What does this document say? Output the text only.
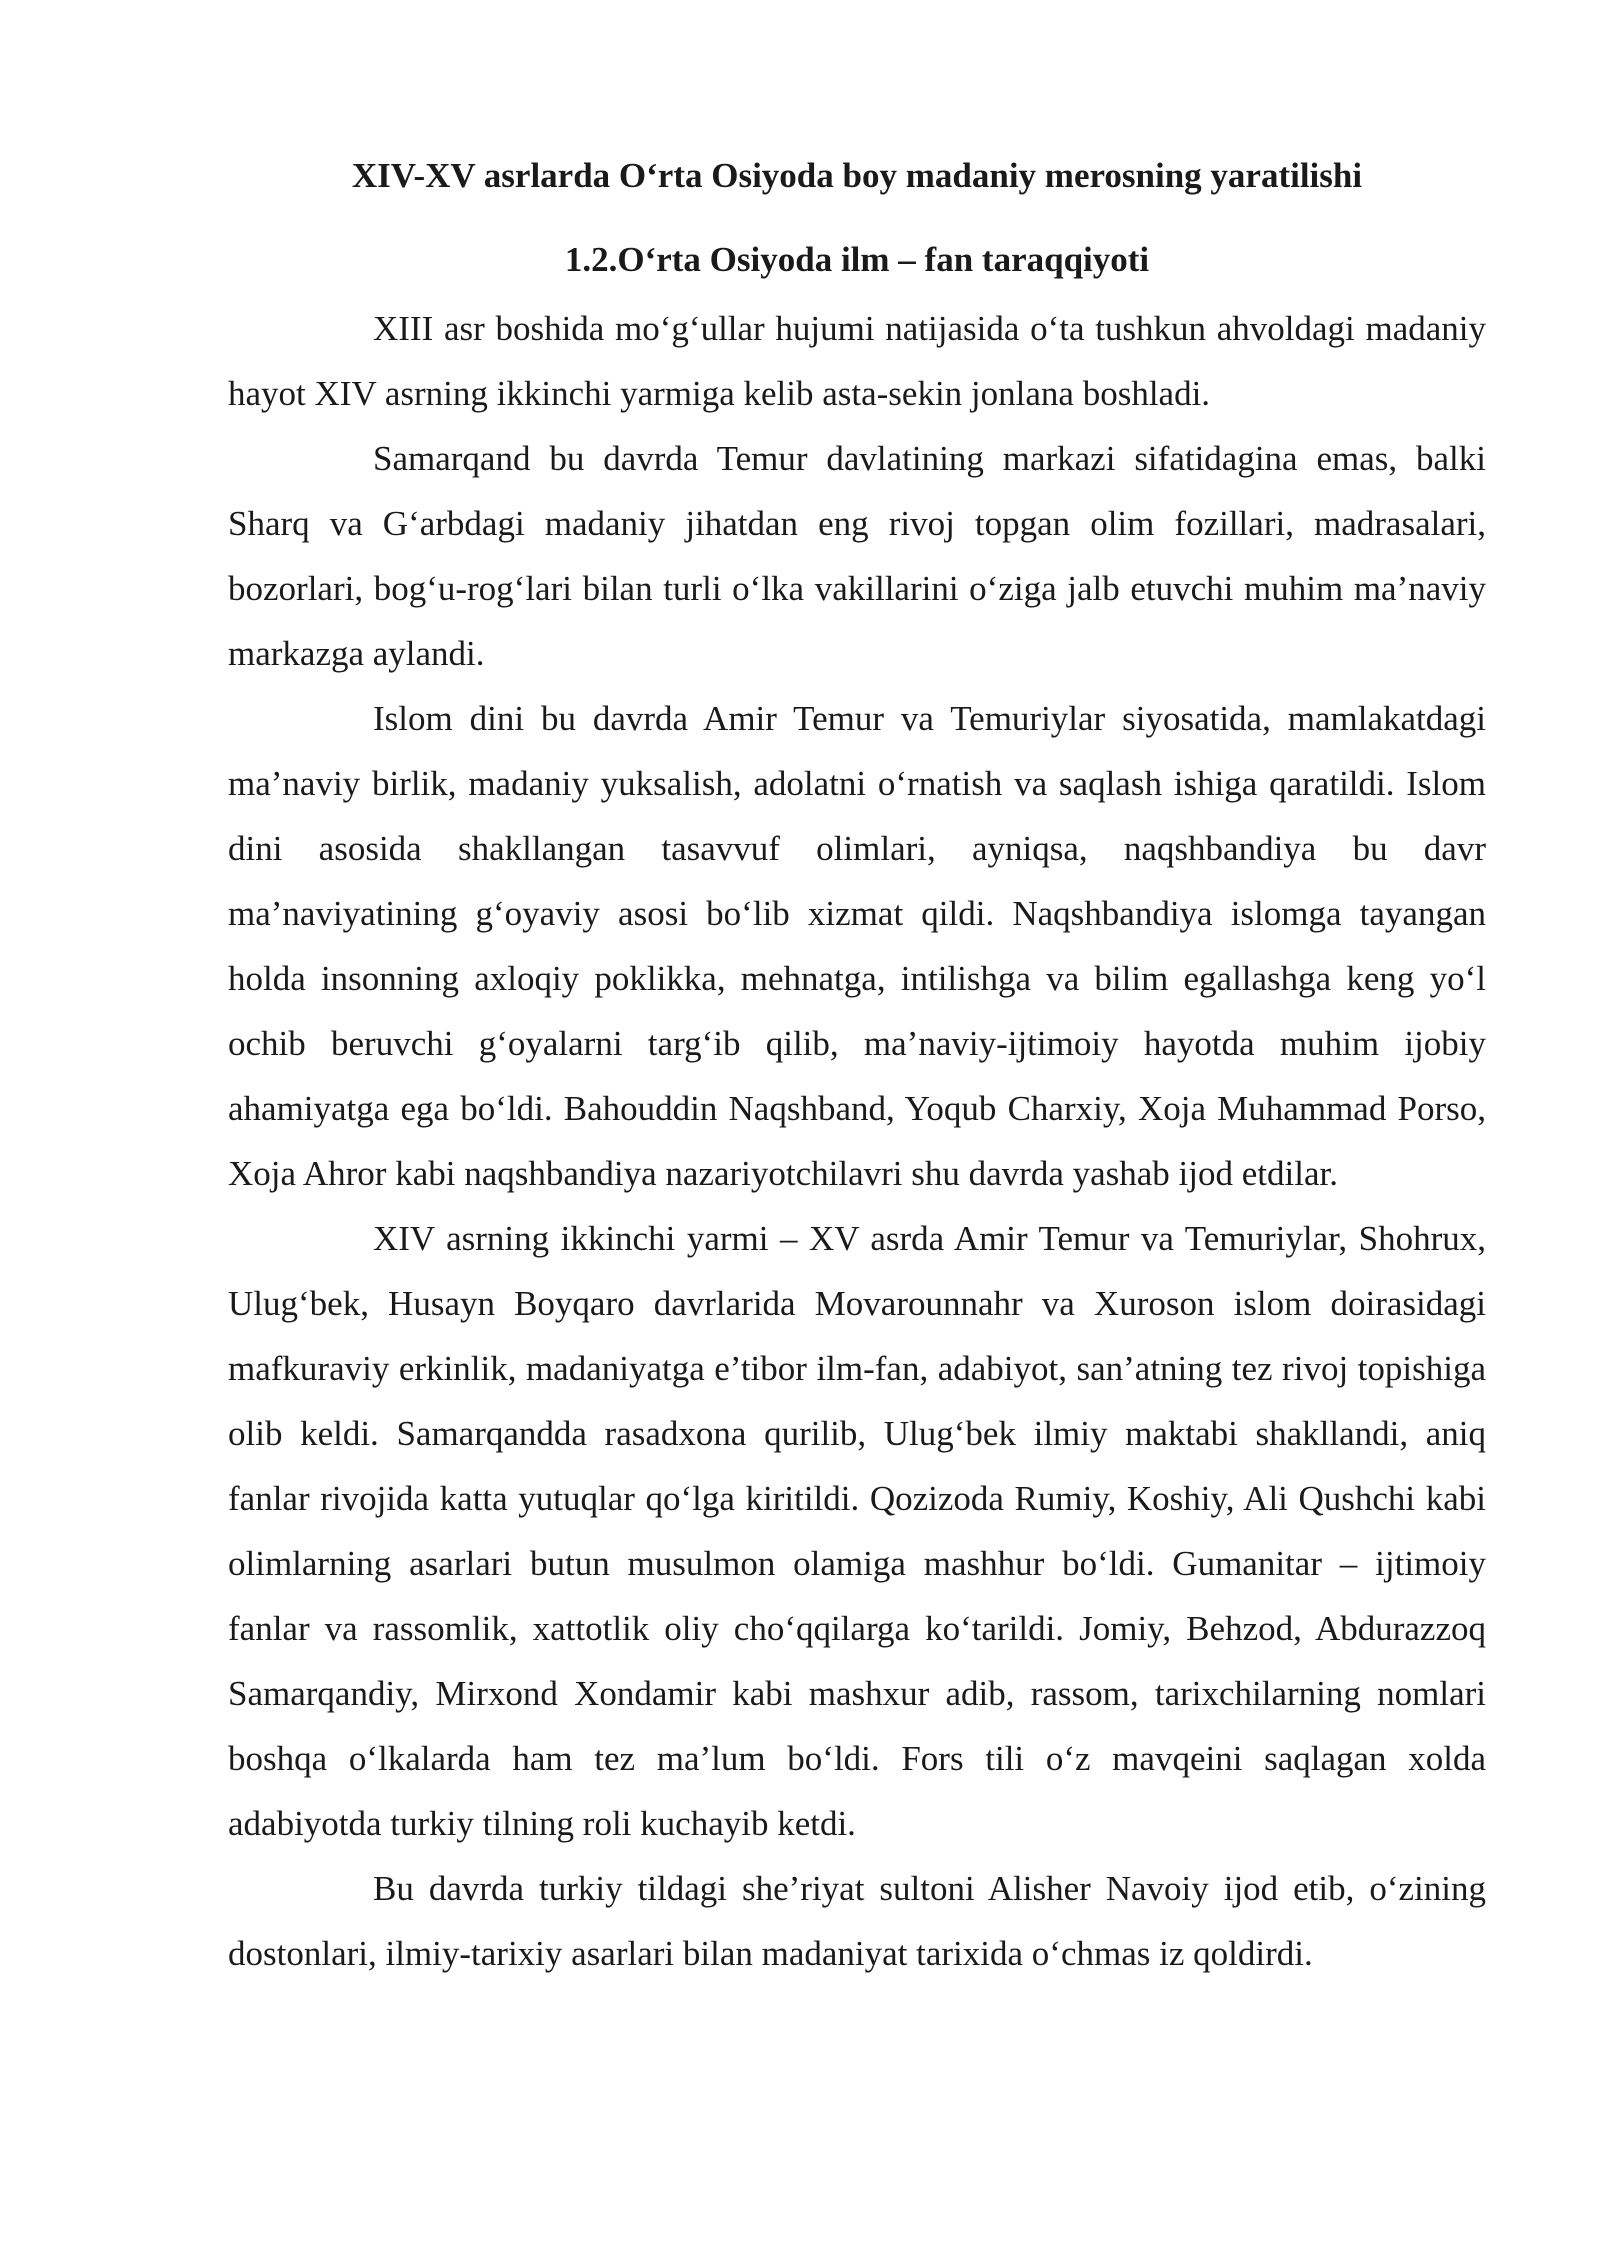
XIV-XV asrlarda O‘rta Osiyoda boy madaniy merosning yaratilishi
1.2.O‘rta Osiyoda ilm – fan taraqqiyoti

XIII asr boshida mo‘g‘ullar hujumi natijasida o‘ta tushkun ahvoldagi madaniy hayot XIV asrning ikkinchi yarmiga kelib asta-sekin jonlana boshladi.

Samarqand bu davrda Temur davlatining markazi sifatidagina emas, balki Sharq va G‘arbdagi madaniy jihatdan eng rivoj topgan olim fozillari, madrasalari, bozorlari, bog‘u-rog‘lari bilan turli o‘lka vakillarini o‘ziga jalb etuvchi muhim ma’naviy markazga aylandi.

Islom dini bu davrda Amir Temur va Temuriylar siyosatida, mamlakatdagi ma’naviy birlik, madaniy yuksalish, adolatni o‘rnatish va saqlash ishiga qaratildi. Islom dini asosida shakllangan tasavvuf olimlari, ayniqsa, naqshbandiya bu davr ma’naviyatining g‘oyaviy asosi bo‘lib xizmat qildi. Naqshbandiya islomga tayangan holda insonning axloqiy poklikka, mehnatga, intilishga va bilim egallashga keng yo‘l ochib beruvchi g‘oyalarni targ‘ib qilib, ma’naviy-ijtimoiy hayotda muhim ijobiy ahamiyatga ega bo‘ldi. Bahouddin Naqshband, Yoqub Charxiy, Xoja Muhammad Porso, Xoja Ahror kabi naqshbandiya nazariyotchilavri shu davrda yashab ijod etdilar.

XIV asrning ikkinchi yarmi – XV asrda Amir Temur va Temuriylar, Shohrux, Ulug‘bek, Husayn Boyqaro davrlarida Movarounnahr va Xuroson islom doirasidagi mafkuraviy erkinlik, madaniyatga e’tibor ilm-fan, adabiyot, san’atning tez rivoj topishiga olib keldi. Samarqandda rasadxona qurilib, Ulug‘bek ilmiy maktabi shakllandi, aniq fanlar rivojida katta yutuqlar qo‘lga kiritildi. Qozizoda Rumiy, Koshiy, Ali Qushchi kabi olimlarning asarlari butun musulmon olamiga mashhur bo‘ldi. Gumanitar – ijtimoiy fanlar va rassomlik, xattotlik oliy cho‘qqilarga ko‘tarildi. Jomiy, Behzod, Abdurazzoq Samarqandiy, Mirxond Xondamir kabi mashxur adib, rassom, tarixchilarning nomlari boshqa o‘lkalarda ham tez ma’lum bo‘ldi. Fors tili o‘z mavqeini saqlagan xolda adabiyotda turkiy tilning roli kuchayib ketdi.

Bu davrda turkiy tildagi she’riyat sultoni Alisher Navoiy ijod etib, o‘zining dostonlari, ilmiy-tarixiy asarlari bilan madaniyat tarixida o‘chmas iz qoldirdi.
